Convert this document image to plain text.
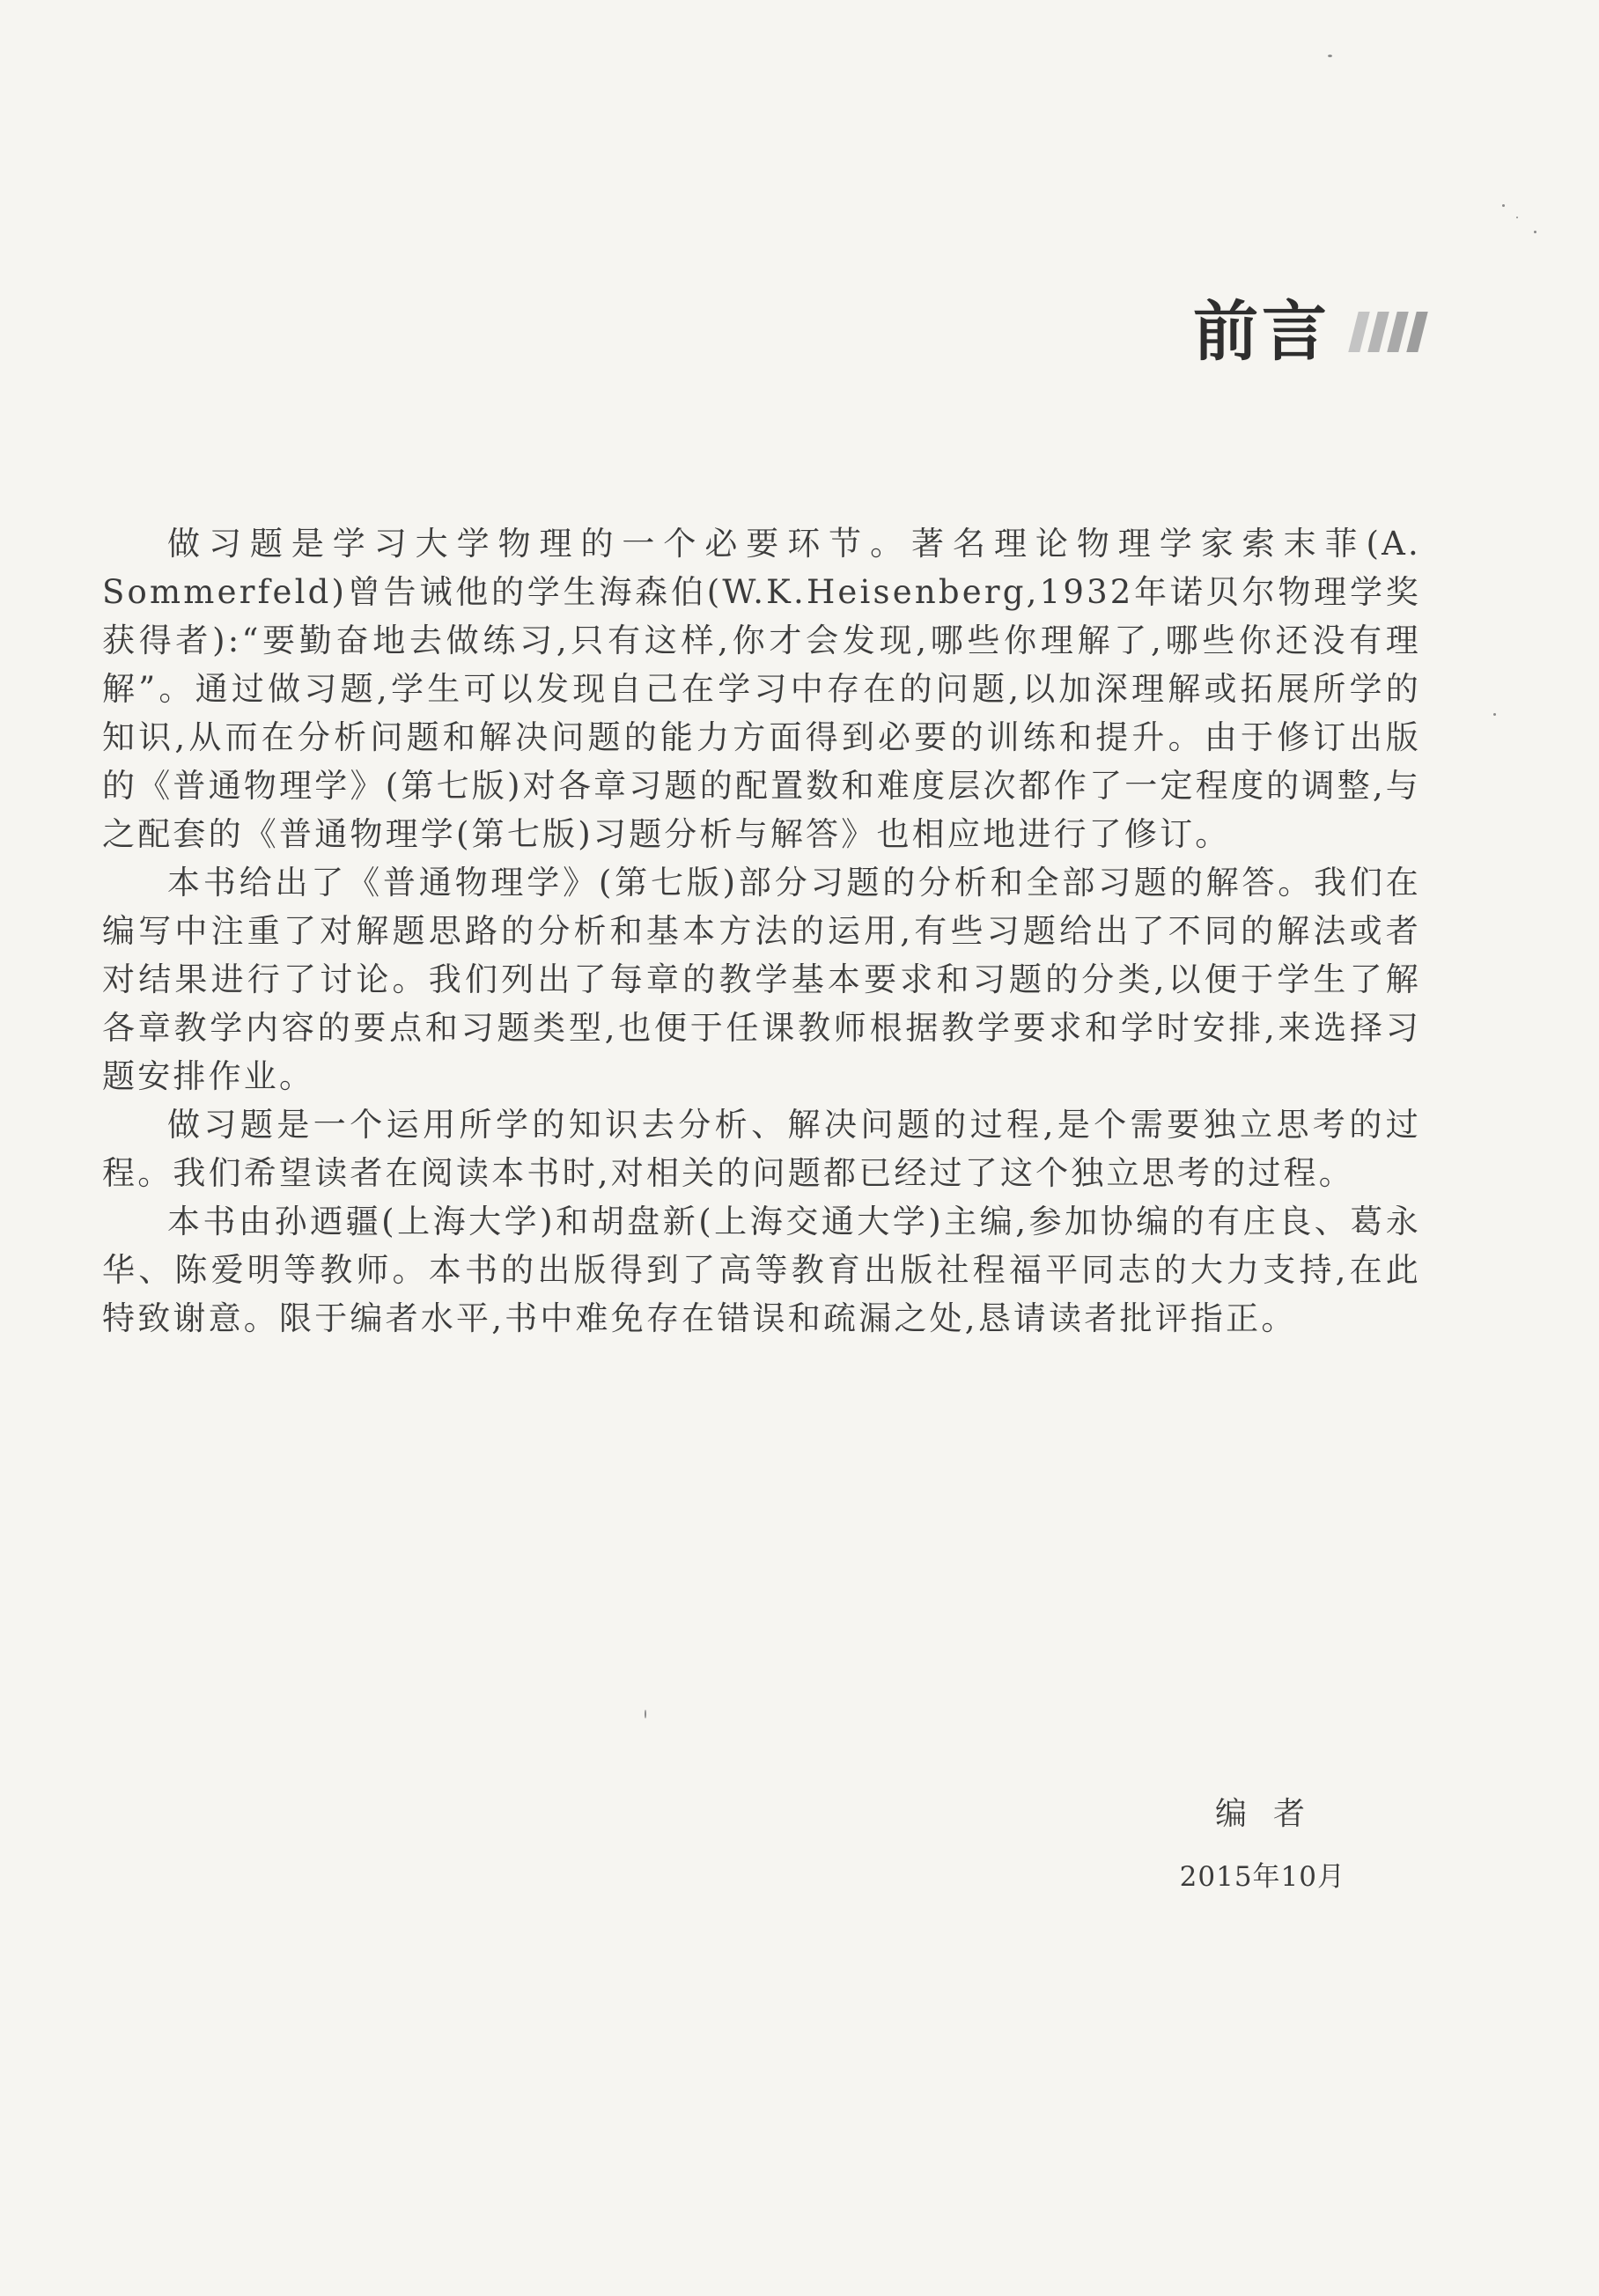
前言

做习题是学习大学物理的一个必要环节。著名理论物理学家索末菲(A. Sommerfeld)曾告诫他的学生海森伯(W.K.Heisenberg,1932年诺贝尔物理学奖获得者):“要勤奋地去做练习,只有这样,你才会发现,哪些你理解了,哪些你还没有理解”。通过做习题,学生可以发现自己在学习中存在的问题,以加深理解或拓展所学的知识,从而在分析问题和解决问题的能力方面得到必要的训练和提升。由于修订出版的《普通物理学》(第七版)对各章习题的配置数和难度层次都作了一定程度的调整,与之配套的《普通物理学(第七版)习题分析与解答》也相应地进行了修订。

本书给出了《普通物理学》(第七版)部分习题的分析和全部习题的解答。我们在编写中注重了对解题思路的分析和基本方法的运用,有些习题给出了不同的解法或者对结果进行了讨论。我们列出了每章的教学基本要求和习题的分类,以便于学生了解各章教学内容的要点和习题类型,也便于任课教师根据教学要求和学时安排,来选择习题安排作业。

做习题是一个运用所学的知识去分析、解决问题的过程,是个需要独立思考的过程。我们希望读者在阅读本书时,对相关的问题都已经过了这个独立思考的过程。

本书由孙迺疆(上海大学)和胡盘新(上海交通大学)主编,参加协编的有庄良、葛永华、陈爱明等教师。本书的出版得到了高等教育出版社程福平同志的大力支持,在此特致谢意。限于编者水平,书中难免存在错误和疏漏之处,恳请读者批评指正。

编者
2015年10月
